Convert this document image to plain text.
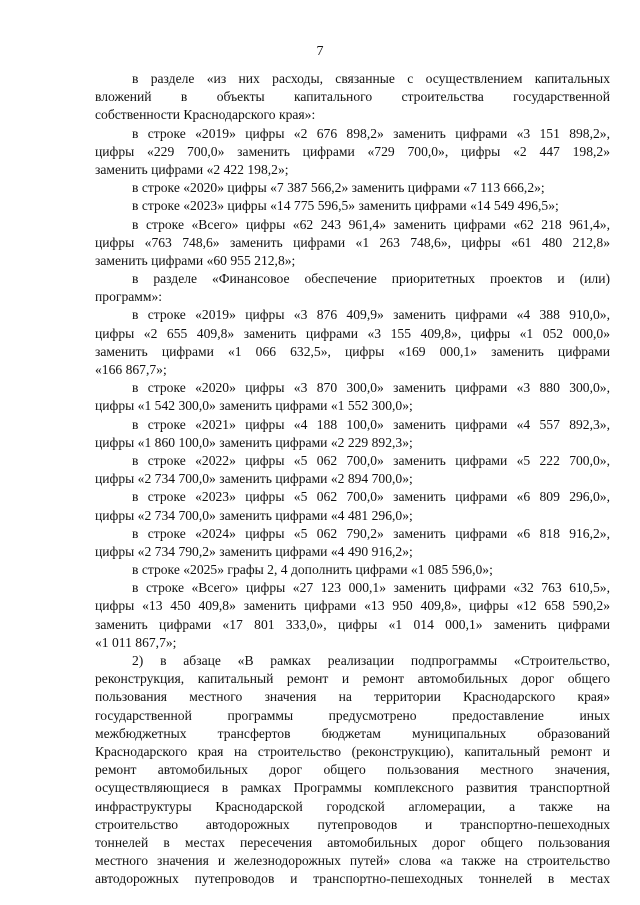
7
в разделе «из них расходы, связанные с осуществлением капитальных
вложений в объекты капитального строительства государственной
собственности Краснодарского края»:
в строке «2019» цифры «2 676 898,2» заменить цифрами «3 151 898,2»,
цифры «229 700,0» заменить цифрами «729 700,0», цифры «2 447 198,2»
заменить цифрами «2 422 198,2»;
в строке «2020» цифры «7 387 566,2» заменить цифрами «7 113 666,2»;
в строке «2023» цифры «14 775 596,5» заменить цифрами «14 549 496,5»;
в строке «Всего» цифры «62 243 961,4» заменить цифрами «62 218 961,4»,
цифры «763 748,6» заменить цифрами «1 263 748,6», цифры «61 480 212,8»
заменить цифрами «60 955 212,8»;
в разделе «Финансовое обеспечение приоритетных проектов и (или)
программ»:
в строке «2019» цифры «3 876 409,9» заменить цифрами «4 388 910,0»,
цифры «2 655 409,8» заменить цифрами «3 155 409,8», цифры «1 052 000,0»
заменить цифрами «1 066 632,5», цифры «169 000,1» заменить цифрами
«166 867,7»;
в строке «2020» цифры «3 870 300,0» заменить цифрами «3 880 300,0»,
цифры «1 542 300,0» заменить цифрами «1 552 300,0»;
в строке «2021» цифры «4 188 100,0» заменить цифрами «4 557 892,3»,
цифры «1 860 100,0» заменить цифрами «2 229 892,3»;
в строке «2022» цифры «5 062 700,0» заменить цифрами «5 222 700,0»,
цифры «2 734 700,0» заменить цифрами «2 894 700,0»;
в строке «2023» цифры «5 062 700,0» заменить цифрами «6 809 296,0»,
цифры «2 734 700,0» заменить цифрами «4 481 296,0»;
в строке «2024» цифры «5 062 790,2» заменить цифрами «6 818 916,2»,
цифры «2 734 790,2» заменить цифрами «4 490 916,2»;
в строке «2025» графы 2, 4 дополнить цифрами «1 085 596,0»;
в строке «Всего» цифры «27 123 000,1» заменить цифрами «32 763 610,5»,
цифры «13 450 409,8» заменить цифрами «13 950 409,8», цифры «12 658 590,2»
заменить цифрами «17 801 333,0», цифры «1 014 000,1» заменить цифрами
«1 011 867,7»;
2) в абзаце «В рамках реализации подпрограммы «Строительство,
реконструкция, капитальный ремонт и ремонт автомобильных дорог общего
пользования местного значения на территории Краснодарского края»
государственной программы предусмотрено предоставление иных
межбюджетных трансфертов бюджетам муниципальных образований
Краснодарского края на строительство (реконструкцию), капитальный ремонт и
ремонт автомобильных дорог общего пользования местного значения,
осуществляющиеся в рамках Программы комплексного развития транспортной
инфраструктуры Краснодарской городской агломерации, а также на
строительство автодорожных путепроводов и транспортно-пешеходных
тоннелей в местах пересечения автомобильных дорог общего пользования
местного значения и железнодорожных путей» слова «а также на строительство
автодорожных путепроводов и транспортно-пешеходных тоннелей в местах
